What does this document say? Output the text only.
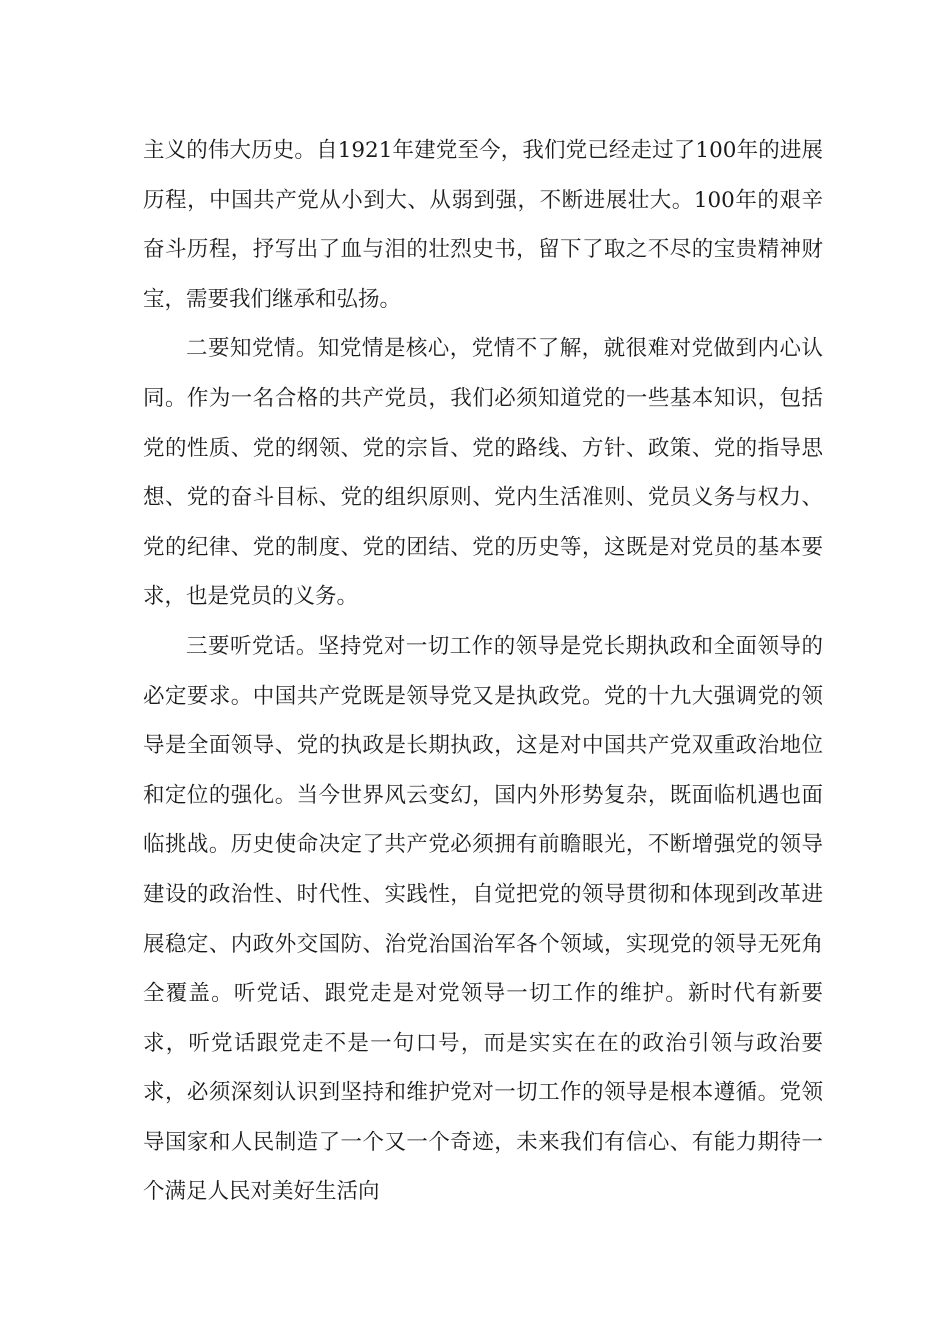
主义的伟大历史。自1921年建党至今，我们党已经走过了100年的进展历程，中国共产党从小到大、从弱到强，不断进展壮大。100年的艰辛奋斗历程，抒写出了血与泪的壮烈史书，留下了取之不尽的宝贵精神财宝，需要我们继承和弘扬。

二要知党情。知党情是核心，党情不了解，就很难对党做到内心认同。作为一名合格的共产党员，我们必须知道党的一些基本知识，包括党的性质、党的纲领、党的宗旨、党的路线、方针、政策、党的指导思想、党的奋斗目标、党的组织原则、党内生活准则、党员义务与权力、党的纪律、党的制度、党的团结、党的历史等，这既是对党员的基本要求，也是党员的义务。

三要听党话。坚持党对一切工作的领导是党长期执政和全面领导的必定要求。中国共产党既是领导党又是执政党。党的十九大强调党的领导是全面领导、党的执政是长期执政，这是对中国共产党双重政治地位和定位的强化。当今世界风云变幻，国内外形势复杂，既面临机遇也面临挑战。历史使命决定了共产党必须拥有前瞻眼光，不断增强党的领导建设的政治性、时代性、实践性，自觉把党的领导贯彻和体现到改革进展稳定、内政外交国防、治党治国治军各个领域，实现党的领导无死角全覆盖。听党话、跟党走是对党领导一切工作的维护。新时代有新要求，听党话跟党走不是一句口号，而是实实在在的政治引领与政治要求，必须深刻认识到坚持和维护党对一切工作的领导是根本遵循。党领导国家和人民制造了一个又一个奇迹，未来我们有信心、有能力期待一个满足人民对美好生活向
